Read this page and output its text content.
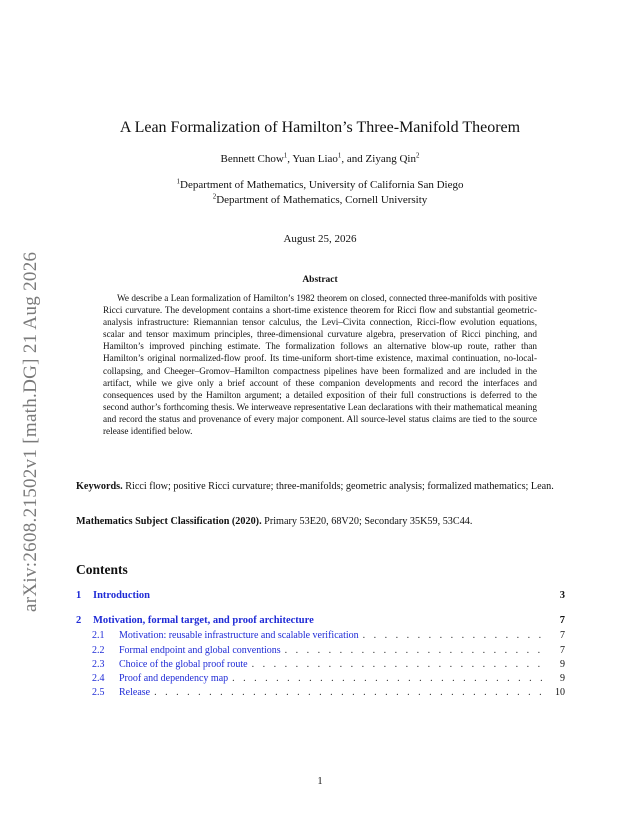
arXiv:2608.21502v1 [math.DG] 21 Aug 2026
A Lean Formalization of Hamilton’s Three-Manifold Theorem
Bennett Chow$^1$, Yuan Liao$^1$, and Ziyang Qin$^2$
$^1$Department of Mathematics, University of California San Diego
$^2$Department of Mathematics, Cornell University
August 25, 2026
Abstract
We describe a Lean formalization of Hamilton’s 1982 theorem on closed, connected three-manifolds with positive Ricci curvature. The development contains a short-time existence theorem for Ricci flow and substantial geometric-analysis infrastructure: Riemannian tensor calculus, the Levi–Civita connection, Ricci-flow evolution equations, scalar and tensor maximum principles, three-dimensional curvature algebra, preservation of Ricci pinching, and Hamilton’s improved pinching estimate. The formalization follows an alternative blow-up route, rather than Hamilton’s original normalized-flow proof. Its time-uniform short-time existence, maximal continuation, no-local-collapsing, and Cheeger–Gromov–Hamilton compactness pipelines have been formalized and are included in the artifact, while we give only a brief account of these companion developments and record the interfaces and consequences used by the Hamilton argument; a detailed exposition of their full constructions is deferred to the second author’s forthcoming thesis. We interweave representative Lean declarations with their mathematical meaning and record the status and provenance of every major component. All source-level status claims are tied to the source release identified below.
Keywords. Ricci flow; positive Ricci curvature; three-manifolds; geometric analysis; formalized mathematics; Lean.
Mathematics Subject Classification (2020). Primary 53E20, 68V20; Secondary 35K59, 53C44.
Contents
1	Introduction	3
2	Motivation, formal target, and proof architecture	7
2.1	Motivation: reusable infrastructure and scalable verification . . .	7
2.2	Formal endpoint and global conventions . . .	7
2.3	Choice of the global proof route . . .	9
2.4	Proof and dependency map . . .	9
2.5	Release . . .	10
1
